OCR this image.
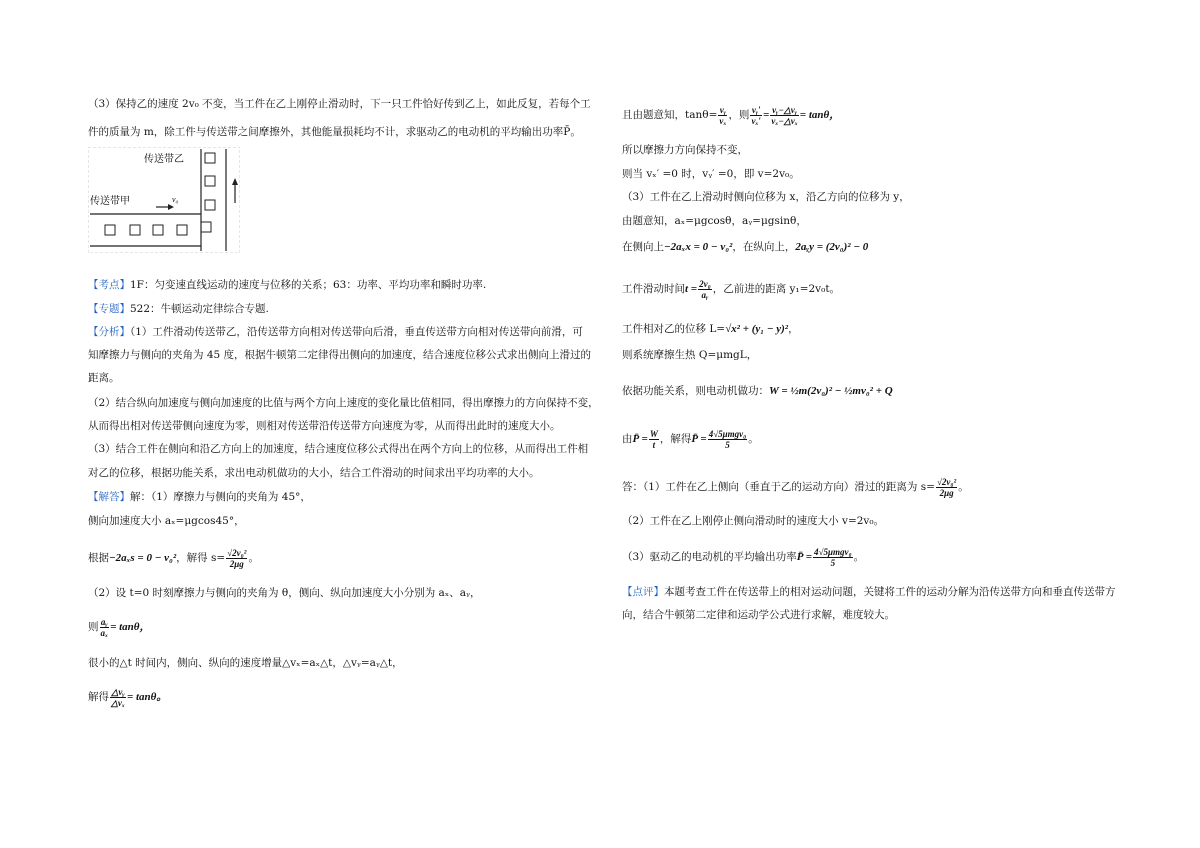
（3）保持乙的速度 2v₀ 不变，当工件在乙上刚停止滑动时，下一只工件恰好传到乙上，如此反复，若每个工
件的质量为 m，除工件与传送带之间摩擦外，其他能量损耗均不计，求驱动乙的电动机的平均输出功率P̄。
传送带乙
传送带甲	v₀
【考点】1F：匀变速直线运动的速度与位移的关系；63：功率、平均功率和瞬时功率.
【专题】522：牛顿运动定律综合专题.
【分析】（1）工件滑动传送带乙，沿传送带方向相对传送带向后滑，垂直传送带方向相对传送带向前滑，可
知摩擦力与侧向的夹角为 45 度，根据牛顿第二定律得出侧向的加速度，结合速度位移公式求出侧向上滑过的
距离。
（2）结合纵向加速度与侧向加速度的比值与两个方向上速度的变化量比值相同，得出摩擦力的方向保持不变，
从而得出相对传送带侧向速度为零，则相对传送带沿传送带方向速度为零，从而得出此时的速度大小。
（3）结合工件在侧向和沿乙方向上的加速度，结合速度位移公式得出在两个方向上的位移，从而得出工件相
对乙的位移，根据功能关系，求出电动机做功的大小，结合工件滑动的时间求出平均功率的大小。
【解答】解：（1）摩擦力与侧向的夹角为 45°，
侧向加速度大小 aₓ=μgcos45°，
根据−2aₓs = 0 − v₀²，解得 $s= \frac{\text{√2v₀²}}{2\mu g}$ 。
（2）设 t=0 时刻摩擦力与侧向的夹角为 θ，侧向、纵向加速度大小分别为 aₓ、aᵧ，
则 $\frac{\text{aᵧ}}{\text{aₓ}} = \tan\theta$，
很小的△t 时间内，侧向、纵向的速度增量△vₓ=aₓ△t，△vᵧ=aᵧ△t，
解得 $\frac{\text{△vᵧ}}{\text{△vₓ}} = \tan\theta$。
且由题意知，$\tan\theta= \frac{\text{vᵧ}}{\text{vₓ}}$ ，则 $\frac{\text{vᵧ′}}{\text{vₓ′}} = \frac{\text{vᵧ−△vᵧ}}{\text{vₓ−△vₓ}} = \tan\theta$，
所以摩擦力方向保持不变，
则当 vₓ′ =0 时，vᵧ′ =0，即 v=2v₀。
（3）工件在乙上滑动时侧向位移为 x，沿乙方向的位移为 y，
由题意知，aₓ=μgcosθ，aᵧ=μgsinθ，
在侧向上−2aₓx = 0 − v₀²，在纵向上，2aᵧy = (2v₀)² − 0
工件滑动时间$t = \frac{\text{2v₀}}{\text{aᵧ}}$ ，乙前进的距离 y₁=2v₀t。
工件相对乙的位移 L=√x² + (y₁ − y)²，
则系统摩擦生热 Q=μmgL，
依据功能关系，则电动机做功：W = ½m(2v₀)² − ½mv₀² + Q
由P̄ = $\frac{W}{t}$ ，解得P̄ = $\frac{\text{4√5μmgv₀}}{5}$ 。
答：（1）工件在乙上侧向（垂直于乙的运动方向）滑过的距离为 $s= \frac{\text{√2v₀²}}{2\mu g}$ 。
（2）工件在乙上刚停止侧向滑动时的速度大小 v=2v₀。
（3）驱动乙的电动机的平均输出功率P̄ = $\frac{\text{4√5μmgv₀}}{5}$ 。
【点评】本题考查工件在传送带上的相对运动问题，关键将工件的运动分解为沿传送带方向和垂直传送带方
向，结合牛顿第二定律和运动学公式进行求解，难度较大。
